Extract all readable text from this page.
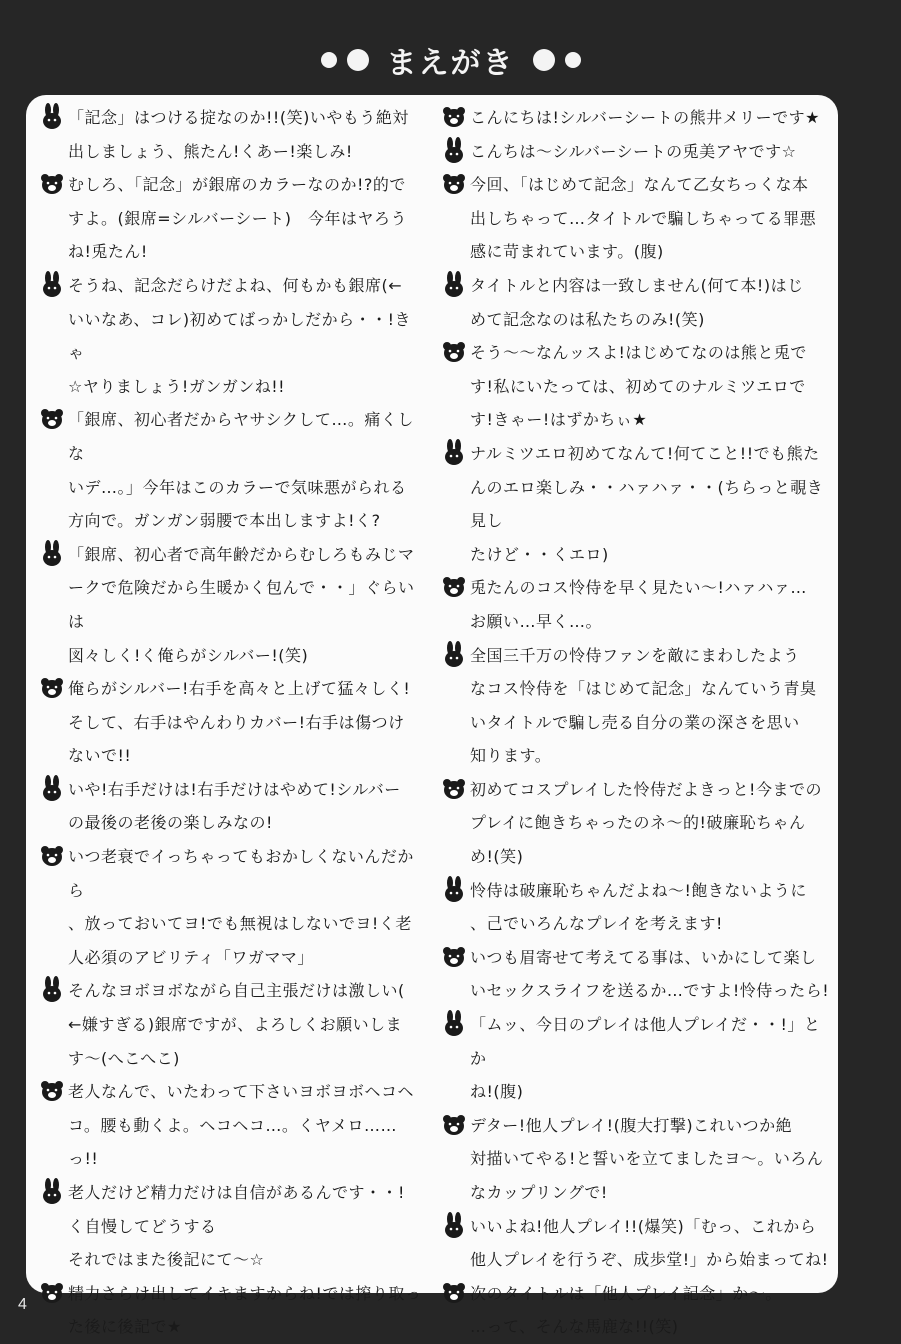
まえがき
「記念」はつける掟なのか!!(笑)いやもう絶対
出しましょう、熊たん!くあー!楽しみ!
むしろ、「記念」が銀席のカラーなのか!?的で
すよ。(銀席=シルバーシート)　今年はヤろう
ね!兎たん!
そうね、記念だらけだよね、何もかも銀席(←
いいなあ、コレ)初めてばっかしだから・・!きゃ
☆ヤりましょう!ガンガンね!!
「銀席、初心者だからヤサシクして…。痛くしな
いデ…。」今年はこのカラーで気味悪がられる
方向で。ガンガン弱腰で本出しますよ!く?
「銀席、初心者で高年齢だからむしろもみじマ
ークで危険だから生暖かく包んで・・」ぐらいは
図々しく!く俺らがシルバー!(笑)
俺らがシルバー!右手を高々と上げて猛々しく!
そして、右手はやんわりカバー!右手は傷つけ
ないで!!
いや!右手だけは!右手だけはやめて!シルバー
の最後の老後の楽しみなの!
いつ老衰でイっちゃってもおかしくないんだから
、放っておいてヨ!でも無視はしないでヨ!く老
人必須のアビリティ「ワガママ」
そんなヨボヨボながら自己主張だけは激しい(
←嫌すぎる)銀席ですが、よろしくお願いしま
す～(へこへこ)
老人なんで、いたわって下さいヨボヨボヘコヘ
コ。腰も動くよ。ヘコヘコ…。くヤメロ……っ!!
老人だけど精力だけは自信があるんです・・!
く自慢してどうする
それではまた後記にて～☆
精力さらけ出してイキますからね!では搾り取っ
た後に後記で★
こんにちは!シルバーシートの熊井メリーです★
こんちは～シルバーシートの兎美アヤです☆
今回、「はじめて記念」なんて乙女ちっくな本
出しちゃって…タイトルで騙しちゃってる罪悪
感に苛まれています。(腹)
タイトルと内容は一致しません(何て本!)はじ
めて記念なのは私たちのみ!(笑)
そう～～なんッスよ!はじめてなのは熊と兎で
す!私にいたっては、初めてのナルミツエロで
す!きゃー!はずかちぃ★
ナルミツエロ初めてなんて!何てこと!!でも熊た
んのエロ楽しみ・・ハァハァ・・(ちらっと覗き見し
たけど・・くエロ)
兎たんのコス怜侍を早く見たい～!ハァハァ…
お願い…早く…。
全国三千万の怜侍ファンを敵にまわしたよう
なコス怜侍を「はじめて記念」なんていう青臭
いタイトルで騙し売る自分の業の深さを思い
知ります。
初めてコスプレイした怜侍だよきっと!今までの
プレイに飽きちゃったのネ～的!破廉恥ちゃん
め!(笑)
怜侍は破廉恥ちゃんだよね～!飽きないように
、己でいろんなプレイを考えます!
いつも眉寄せて考えてる事は、いかにして楽し
いセックスライフを送るか…ですよ!怜侍ったら!
「ムッ、今日のプレイは他人プレイだ・・!」とか
ね!(腹)
デター!他人プレイ!(腹大打撃)これいつか絶
対描いてやる!と誓いを立てましたヨ～。いろん
なカップリングで!
いいよね!他人プレイ!!(爆笑)「むっ、これから
他人プレイを行うぞ、成歩堂!」から始まってね!
次のタイトルは「他人プレイ記念」か～。
…って、そんな馬鹿な!!(笑)
4
